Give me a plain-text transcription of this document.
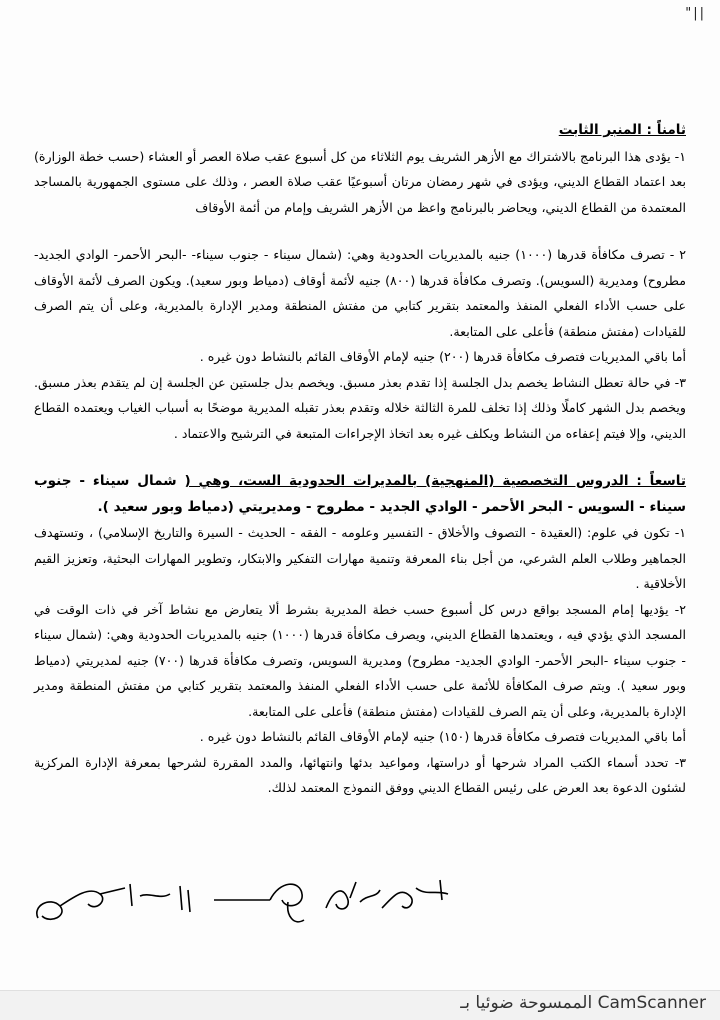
"||

ثامناً : المنبر الثابت

١- يؤدى هذا البرنامج بالاشتراك مع الأزهر الشريف يوم الثلاثاء من كل أسبوع عقب صلاة العصر أو العشاء (حسب خطة الوزارة) بعد اعتماد القطاع الديني، ويؤدى في شهر رمضان مرتان أسبوعيًا عقب صلاة العصر ، وذلك على مستوى الجمهورية بالمساجد المعتمدة من القطاع الديني، ويحاضر بالبرنامج واعظ من الأزهر الشريف وإمام من أئمة الأوقاف

٢ - تصرف مكافأة قدرها (١٠٠٠) جنيه بالمديريات الحدودية وهي: (شمال سيناء - جنوب سيناء- -البحر الأحمر- الوادي الجديد- مطروح) ومديرية (السويس). وتصرف مكافأة قدرها (٨٠٠) جنيه لأئمة أوقاف (دمياط وبور سعيد). ويكون الصرف لأئمة الأوقاف على حسب الأداء الفعلي المنفذ والمعتمد بتقرير كتابي من مفتش المنطقة ومدير الإدارة بالمديرية، وعلى أن يتم الصرف للقيادات (مفتش منطقة) فأعلى على المتابعة.

أما باقي المديريات فتصرف مكافأة قدرها (٢٠٠) جنيه لإمام الأوقاف القائم بالنشاط دون غيره .

٣- في حالة تعطل النشاط يخصم بدل الجلسة إذا تقدم بعذر مسبق. ويخصم بدل جلستين عن الجلسة إن لم يتقدم بعذر مسبق. ويخصم بدل الشهر كاملًا وذلك إذا تخلف للمرة الثالثة خلاله وتقدم بعذر تقبله المديرية موضحًا به أسباب الغياب ويعتمده القطاع الديني، وإلا فيتم إعفاءه من النشاط ويكلف غيره بعد اتخاذ الإجراءات المتبعة في الترشيح والاعتماد .

تاسعاً : الدروس التخصصية (المنهجية) بالمديرات الحدودية الست، وهي ( شمال سيناء - جنوب سيناء - السويس - البحر الأحمر - الوادي الجديد - مطروح - ومديريتي (دمياط وبور سعيد ).

١- تكون في علوم: (العقيدة - التصوف والأخلاق - التفسير وعلومه - الفقه - الحديث - السيرة والتاريخ الإسلامي) ، وتستهدف الجماهير وطلاب العلم الشرعي، من أجل بناء المعرفة وتنمية مهارات التفكير والابتكار، وتطوير المهارات البحثية، وتعزيز القيم الأخلاقية .

٢- يؤديها إمام المسجد بواقع درس كل أسبوع حسب خطة المديرية بشرط ألا يتعارض مع نشاط آخر في ذات الوقت في المسجد الذي يؤدي فيه ، ويعتمدها القطاع الديني، ويصرف مكافأة قدرها (١٠٠٠) جنيه بالمديريات الحدودية وهي: (شمال سيناء - جنوب سيناء -البحر الأحمر- الوادي الجديد- مطروح) ومديرية السويس، وتصرف مكافأة قدرها (٧٠٠) جنيه لمديريتي (دمياط وبور سعيد ). ويتم صرف المكافأة للأئمة على حسب الأداء الفعلي المنفذ والمعتمد بتقرير كتابي من مفتش المنطقة ومدير الإدارة بالمديرية، وعلى أن يتم الصرف للقيادات (مفتش منطقة) فأعلى على المتابعة.

أما باقي المديريات فتصرف مكافأة قدرها (١٥٠) جنيه لإمام الأوقاف القائم بالنشاط دون غيره .

٣- تحدد أسماء الكتب المراد شرحها أو دراستها، ومواعيد بدئها وانتهائها، والمدد المقررة لشرحها بمعرفة الإدارة المركزية لشئون الدعوة بعد العرض على رئيس القطاع الديني ووفق النموذج المعتمد لذلك.

CamScanner الممسوحة ضوئيا بـ
